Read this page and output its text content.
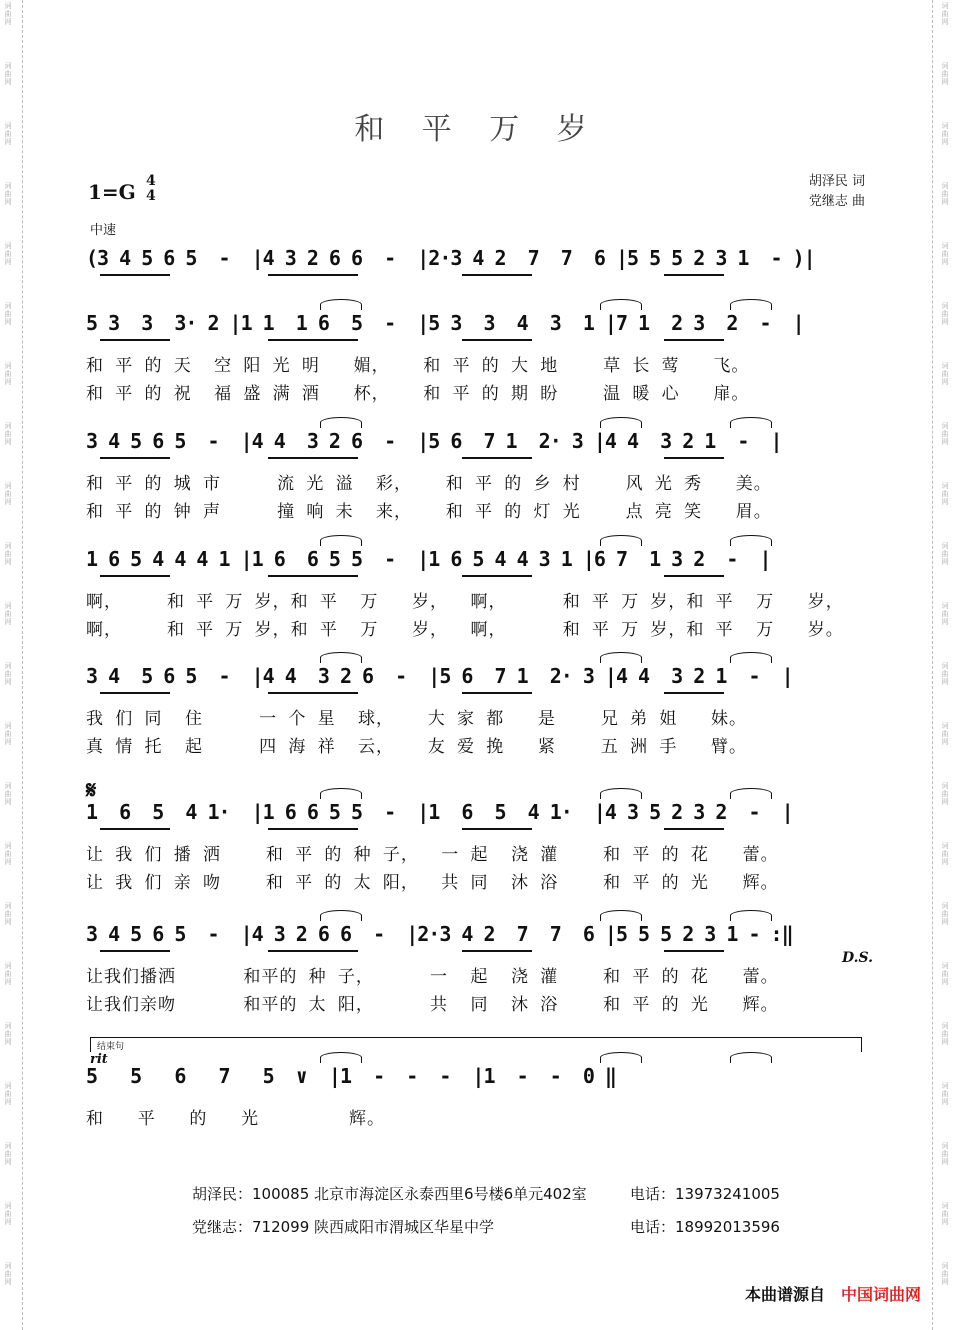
词
曲
网
词
曲
网
词
曲
网
词
曲
网
词
曲
网
词
曲
网
词
曲
网
词
曲
网
词
曲
网
词
曲
网
词
曲
网
词
曲
网
词
曲
网
词
曲
网
词
曲
网
词
曲
网
词
曲
网
词
曲
网
词
曲
网
词
曲
网
词
曲
网
词
曲
网
词
曲
网
词
曲
网
词
曲
网
词
曲
网
词
曲
网
词
曲
网
词
曲
网
词
曲
网
词
曲
网
词
曲
网
词
曲
网
词
曲
网
词
曲
网
词
曲
网
词
曲
网
词
曲
网
词
曲
网
词
曲
网
词
曲
网
词
曲
网
词
曲
网
词
曲
网
和 平 万 岁
1=G 4
4
中速
胡泽民 词
党继志 曲
(3 4 5 6 5  -  |4 3 2 6 6  -  |2·3 4 2  7  7  6 |5 5 5 2 3 1  - )|
5 3  3  3· 2 |1 1  1 6  5  -  |5 3  3  4  3  1 |7 1  2 3  2  -  |
和 平 的 天  空 阳 光 明   媚，   和 平 的 大 地    草 长 莺   飞。
和 平 的 祝  福 盛 满 酒   杯，   和 平 的 期 盼    温 暖 心   扉。
3 4 5 6 5  -  |4 4  3 2 6  -  |5 6  7 1  2· 3 |4 4  3 2 1  -  |
和 平 的 城 市     流 光 溢  彩，   和 平 的 乡 村    风 光 秀   美。
和 平 的 钟 声     撞 响 未  来，   和 平 的 灯 光    点 亮 笑   眉。
1 6 5 4 4 4 1 |1 6  6 5 5  -  |1 6 5 4 4 3 1 |6 7  1 3 2  -  |
啊，    和 平 万 岁，和 平  万   岁，  啊，     和 平 万 岁，和 平  万   岁，
啊，    和 平 万 岁，和 平  万   岁，  啊，     和 平 万 岁，和 平  万   岁。
3 4  5 6 5  -  |4 4  3 2 6  -  |5 6  7 1  2· 3 |4 4  3 2 1  -  |
我 们 同  住     一 个 星  球，   大 家 都   是    兄 弟 姐   妹。
真 情 托  起     四 海 祥  云，   友 爱 挽   紧    五 洲 手   臂。
1  6  5  4 1·  |1 6 6 5 5  -  |1  6  5  4 1·  |4 3 5 2 3 2  -  |
让 我 们 播 洒    和 平 的 种 子，  一 起  浇 灌    和 平 的 花   蕾。
让 我 们 亲 吻    和 平 的 太 阳，  共 同  沐 浴    和 平 的 光   辉。
3 4 5 6 5  -  |4 3 2 6 6  -  |2·3 4 2  7  7  6 |5 5 5 2 3 1 - :‖
让我们播洒      和平的 种 子，     一  起  浇 灌    和 平 的 花   蕾。
让我们亲吻      和平的 太 阳，     共  同  沐 浴    和 平 的 光   辉。
5   5   6   7   5  ∨  |1  -  -  -  |1  -  -  0 ‖
和   平   的   光        辉。
𝄋
D.S.
结束句
rit
胡泽民：100085 北京市海淀区永泰西里6号楼6单元402室	电话：13973241005
党继志：712099 陕西咸阳市渭城区华星中学	电话：18992013596
本曲谱源自 中国词曲网
